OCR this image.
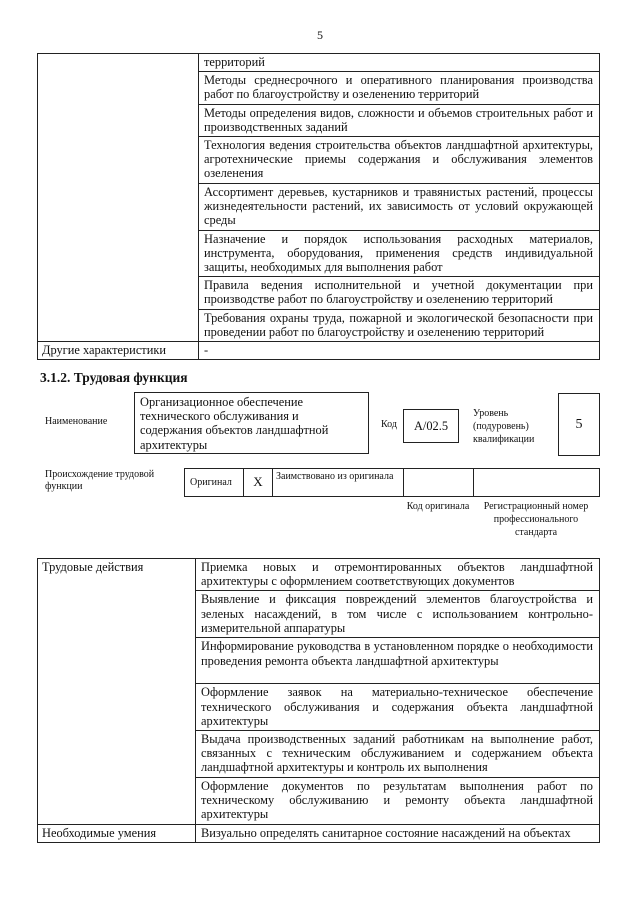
5
	территорий
	Методы среднесрочного и оперативного планирования производства работ по благоустройству и озеленению территорий
	Методы определения видов, сложности и объемов строительных работ и производственных заданий
	Технология ведения строительства объектов ландшафтной архитектуры, агротехнические приемы содержания и обслуживания элементов озеленения
	Ассортимент деревьев, кустарников и травянистых растений, процессы жизнедеятельности растений, их зависимость от условий окружающей среды
	Назначение и порядок использования расходных материалов, инструмента, оборудования, применения средств индивидуальной защиты, необходимых для выполнения работ
	Правила ведения исполнительной и учетной документации при производстве работ по благоустройству и озеленению территорий
	Требования охраны труда, пожарной и экологической безопасности при проведении работ по благоустройству и озеленению территорий
Другие характеристики	-
3.1.2. Трудовая функция
Наименование
Организационное обеспечение технического обслуживания и содержания объектов ландшафтной архитектуры
Код	А/02.5
Уровень (подуровень) квалификации
5
Происхождение трудовой функции	Оригинал	X	Заимствовано из оригинала
Код оригинала	Регистрационный номер профессионального стандарта
Трудовые действия	Приемка новых и отремонтированных объектов ландшафтной архитектуры с оформлением соответствующих документов
	Выявление и фиксация повреждений элементов благоустройства и зеленых насаждений, в том числе с использованием контрольно-измерительной аппаратуры
	Информирование руководства в установленном порядке о необходимости проведения ремонта объекта ландшафтной архитектуры
	Оформление заявок на материально-техническое обеспечение технического обслуживания и содержания объекта ландшафтной архитектуры
	Выдача производственных заданий работникам на выполнение работ, связанных с техническим обслуживанием и содержанием объекта ландшафтной архитектуры и контроль их выполнения
	Оформление документов по результатам выполнения работ по техническому обслуживанию и ремонту объекта ландшафтной архитектуры
Необходимые умения	Визуально определять санитарное состояние насаждений на объектах
